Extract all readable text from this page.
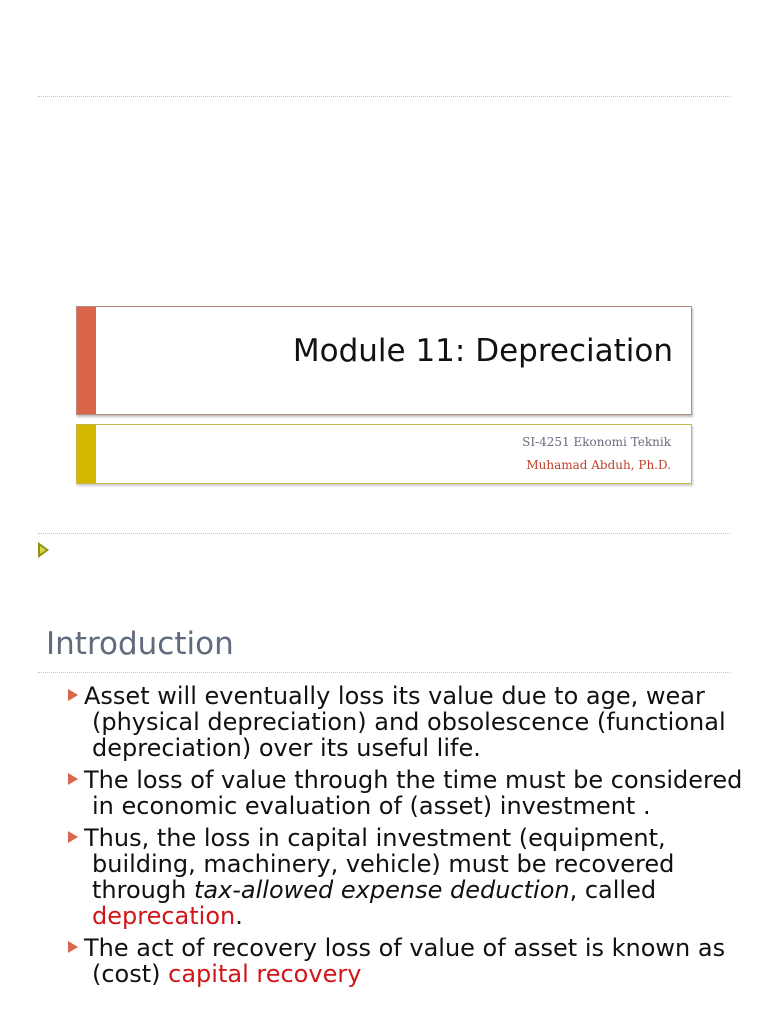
Module 11: Depreciation
SI-4251 Ekonomi Teknik
Muhamad Abduh, Ph.D.
Introduction
Asset will eventually loss its value due to age, wear (physical depreciation) and obsolescence (functional depreciation) over its useful life.
The loss of value through the time must be considered in economic evaluation of (asset) investment .
Thus, the loss in capital investment (equipment, building, machinery, vehicle) must be recovered through tax-allowed expense deduction, called deprecation.
The act of recovery loss of value of asset is known as (cost) capital recovery
